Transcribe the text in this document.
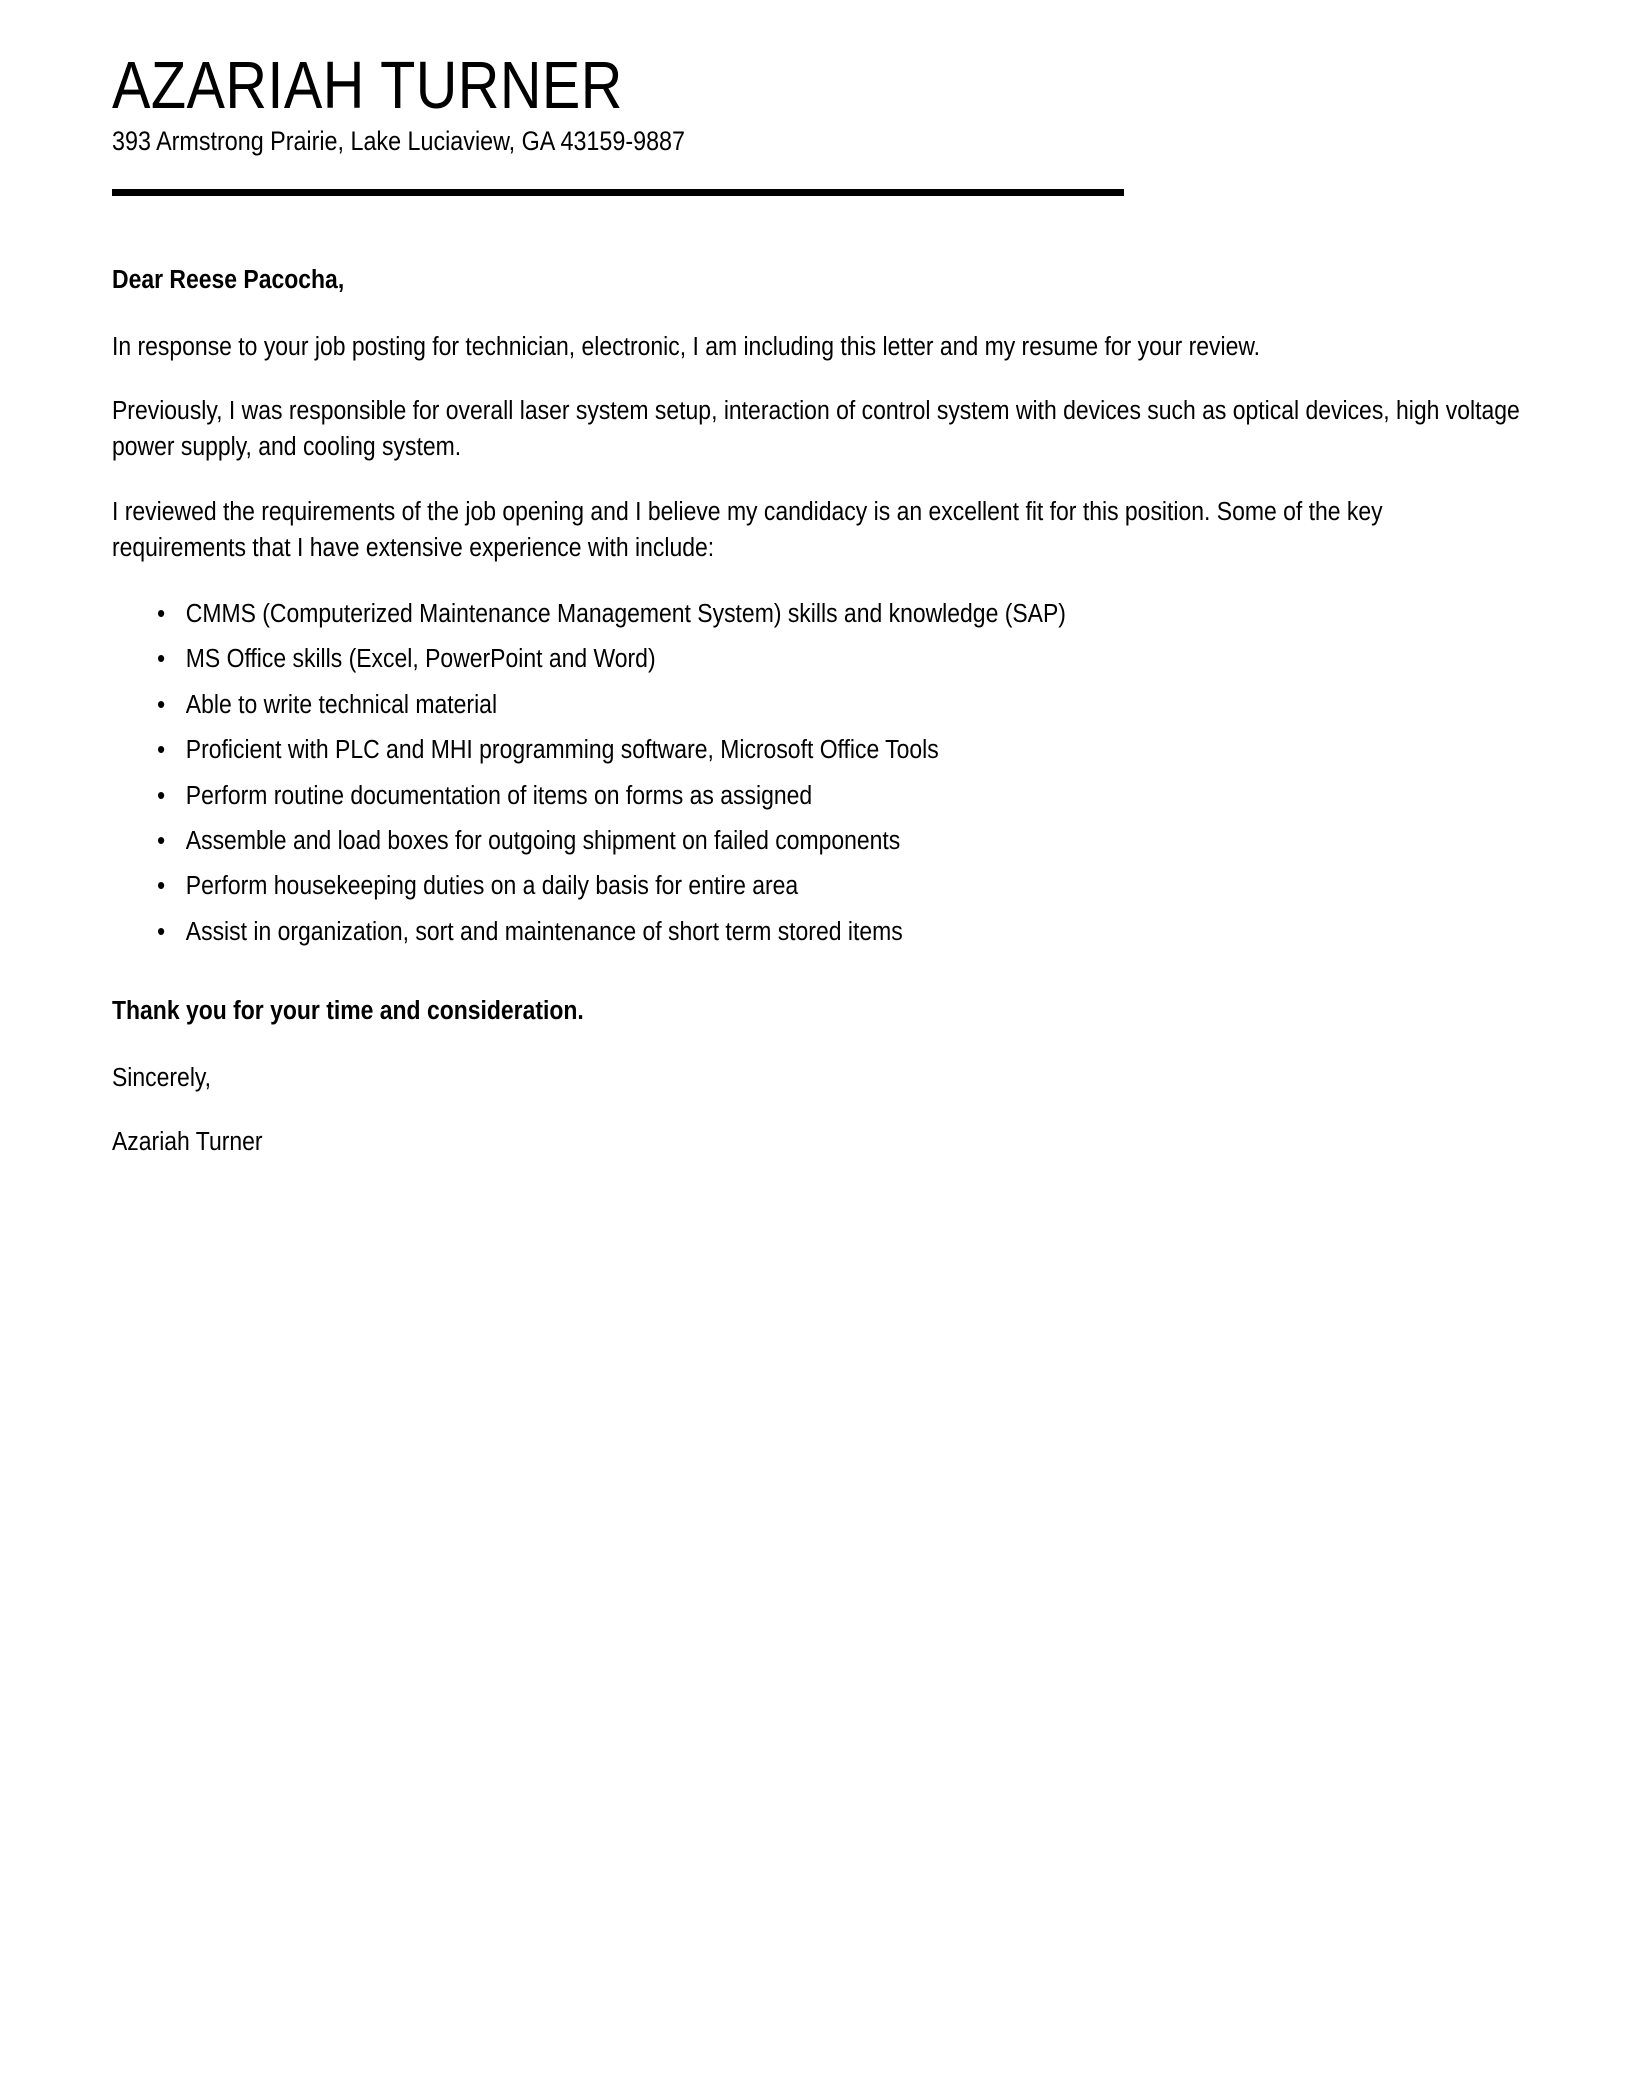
AZARIAH TURNER
393 Armstrong Prairie, Lake Luciaview, GA 43159-9887

Dear Reese Pacocha,

In response to your job posting for technician, electronic, I am including this letter and my resume for your review.

Previously, I was responsible for overall laser system setup, interaction of control system with devices such as optical devices, high voltage power supply, and cooling system.

I reviewed the requirements of the job opening and I believe my candidacy is an excellent fit for this position. Some of the key requirements that I have extensive experience with include:

• CMMS (Computerized Maintenance Management System) skills and knowledge (SAP)
• MS Office skills (Excel, PowerPoint and Word)
• Able to write technical material
• Proficient with PLC and MHI programming software, Microsoft Office Tools
• Perform routine documentation of items on forms as assigned
• Assemble and load boxes for outgoing shipment on failed components
• Perform housekeeping duties on a daily basis for entire area
• Assist in organization, sort and maintenance of short term stored items

Thank you for your time and consideration.

Sincerely,

Azariah Turner
